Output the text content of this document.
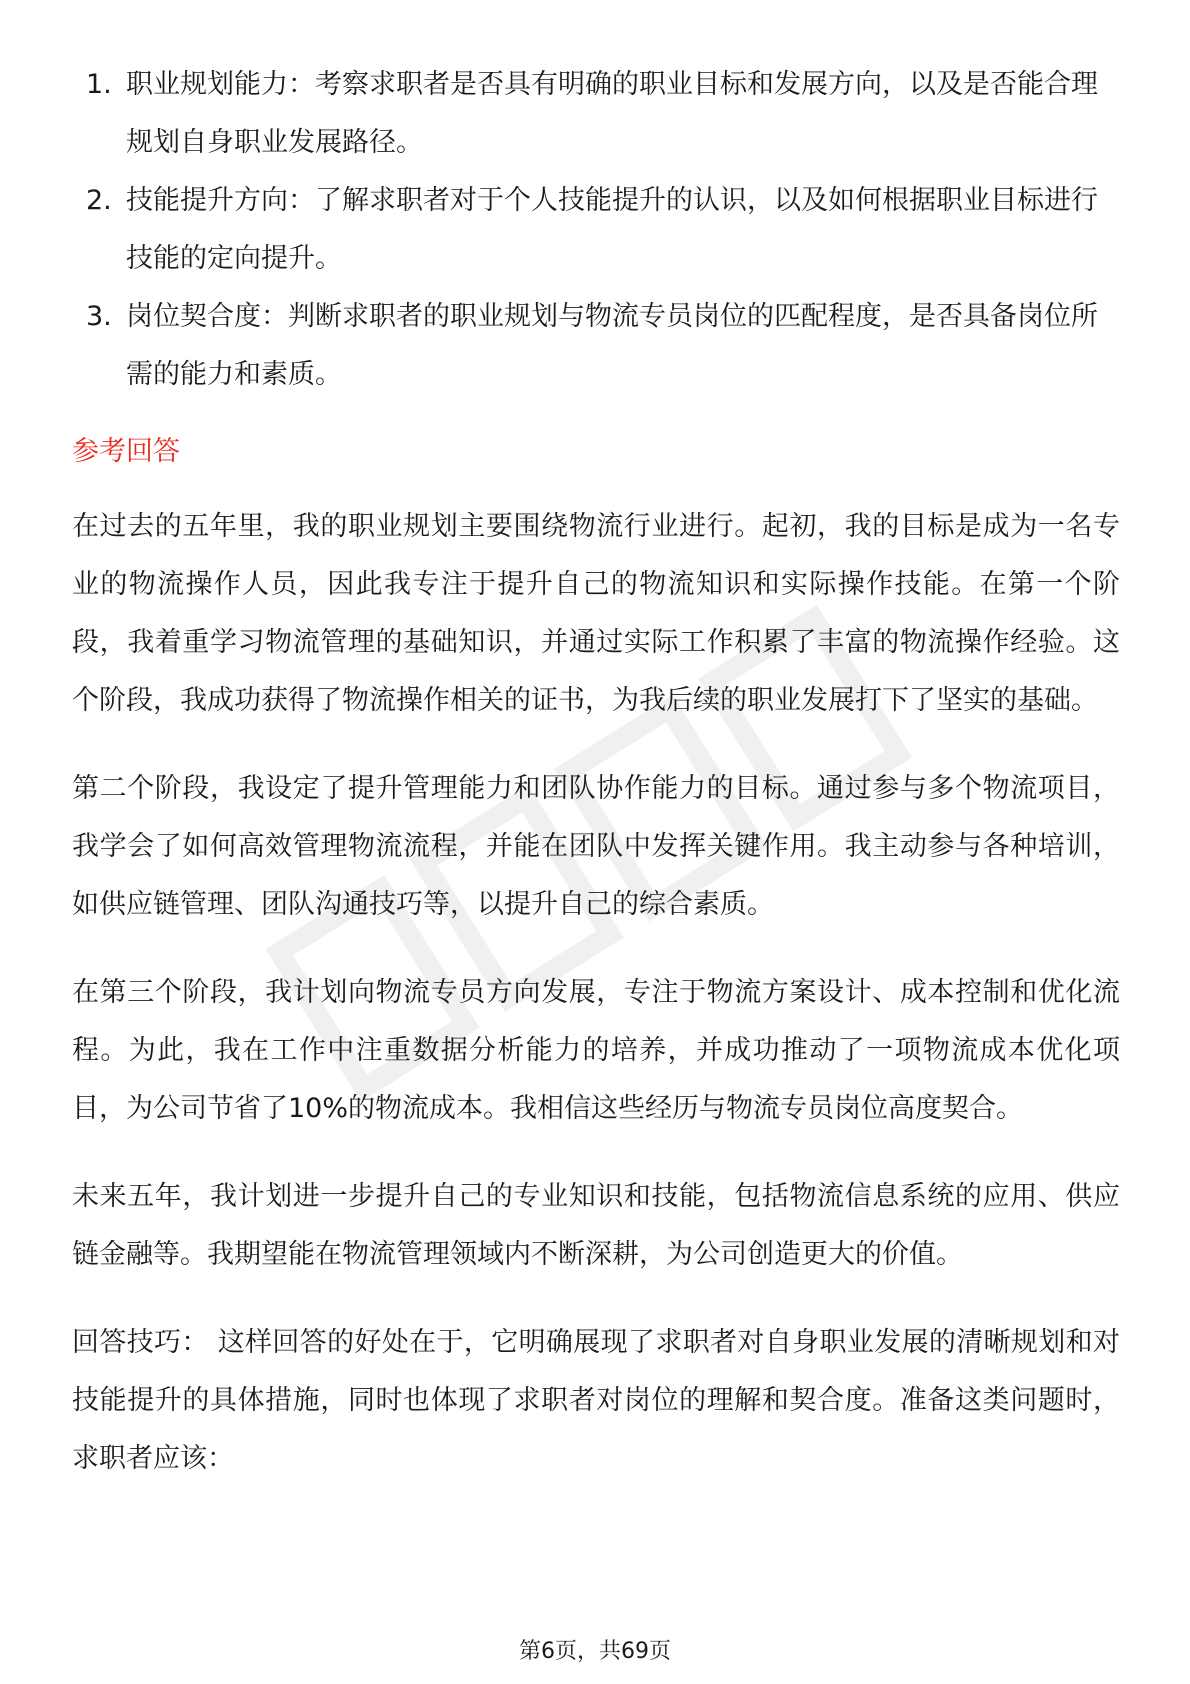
1. 职业规划能力：考察求职者是否具有明确的职业目标和发展方向，以及是否能合理规划自身职业发展路径。
2. 技能提升方向：了解求职者对于个人技能提升的认识，以及如何根据职业目标进行技能的定向提升。
3. 岗位契合度：判断求职者的职业规划与物流专员岗位的匹配程度，是否具备岗位所需的能力和素质。
参考回答

在过去的五年里，我的职业规划主要围绕物流行业进行。起初，我的目标是成为一名专业的物流操作人员，因此我专注于提升自己的物流知识和实际操作技能。在第一个阶段，我着重学习物流管理的基础知识，并通过实际工作积累了丰富的物流操作经验。这个阶段，我成功获得了物流操作相关的证书，为我后续的职业发展打下了坚实的基础。

第二个阶段，我设定了提升管理能力和团队协作能力的目标。通过参与多个物流项目，我学会了如何高效管理物流流程，并能在团队中发挥关键作用。我主动参与各种培训，如供应链管理、团队沟通技巧等，以提升自己的综合素质。

在第三个阶段，我计划向物流专员方向发展，专注于物流方案设计、成本控制和优化流程。为此，我在工作中注重数据分析能力的培养，并成功推动了一项物流成本优化项目，为公司节省了10%的物流成本。我相信这些经历与物流专员岗位高度契合。

未来五年，我计划进一步提升自己的专业知识和技能，包括物流信息系统的应用、供应链金融等。我期望能在物流管理领域内不断深耕，为公司创造更大的价值。

回答技巧： 这样回答的好处在于，它明确展现了求职者对自身职业发展的清晰规划和对技能提升的具体措施，同时也体现了求职者对岗位的理解和契合度。准备这类问题时，求职者应该：

第6页，共69页
